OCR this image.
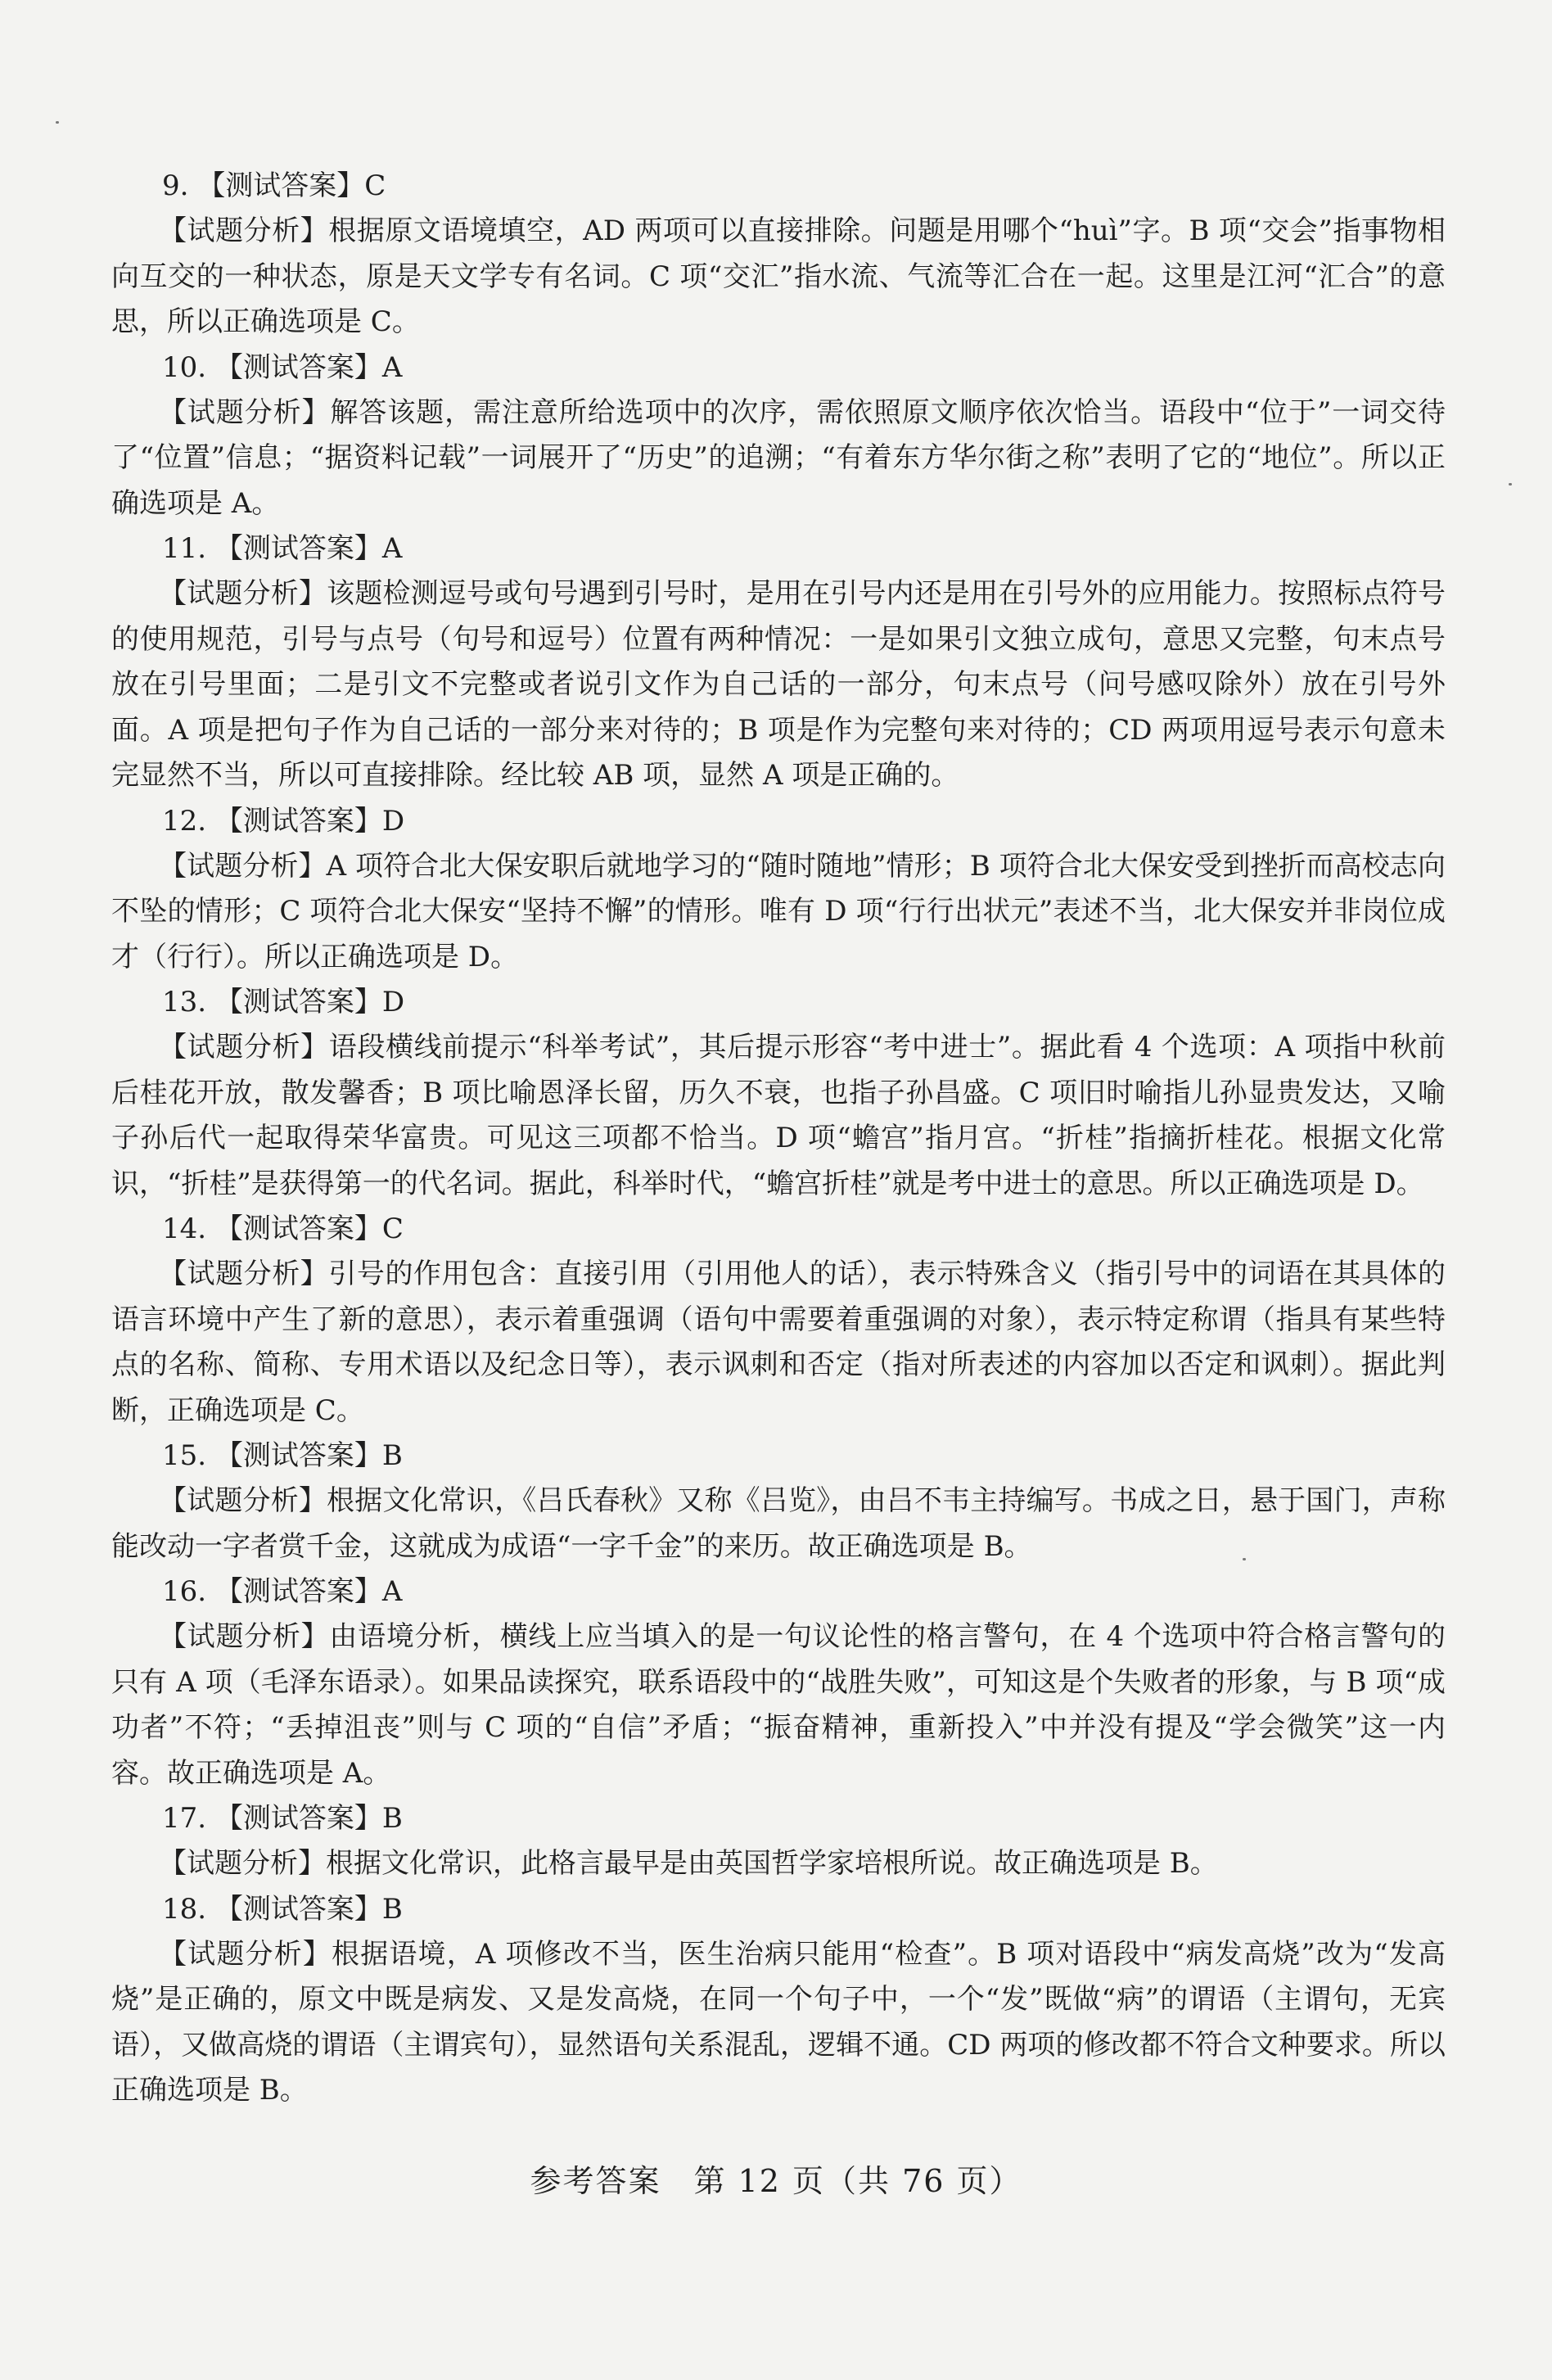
9. 【测试答案】C

【试题分析】根据原文语境填空，AD 两项可以直接排除。问题是用哪个“huì”字。B 项“交会”指事物相向互交的一种状态，原是天文学专有名词。C 项“交汇”指水流、气流等汇合在一起。这里是江河“汇合”的意思，所以正确选项是 C。

10. 【测试答案】A

【试题分析】解答该题，需注意所给选项中的次序，需依照原文顺序依次恰当。语段中“位于”一词交待了“位置”信息；“据资料记载”一词展开了“历史”的追溯；“有着东方华尔街之称”表明了它的“地位”。所以正确选项是 A。

11. 【测试答案】A

【试题分析】该题检测逗号或句号遇到引号时，是用在引号内还是用在引号外的应用能力。按照标点符号的使用规范，引号与点号（句号和逗号）位置有两种情况：一是如果引文独立成句，意思又完整，句末点号放在引号里面；二是引文不完整或者说引文作为自己话的一部分，句末点号（问号感叹除外）放在引号外面。A 项是把句子作为自己话的一部分来对待的；B 项是作为完整句来对待的；CD 两项用逗号表示句意未完显然不当，所以可直接排除。经比较 AB 项，显然 A 项是正确的。

12. 【测试答案】D

【试题分析】A 项符合北大保安职后就地学习的“随时随地”情形；B 项符合北大保安受到挫折而高校志向不坠的情形；C 项符合北大保安“坚持不懈”的情形。唯有 D 项“行行出状元”表述不当，北大保安并非岗位成才（行行）。所以正确选项是 D。

13. 【测试答案】D

【试题分析】语段横线前提示“科举考试”，其后提示形容“考中进士”。据此看 4 个选项：A 项指中秋前后桂花开放，散发馨香；B 项比喻恩泽长留，历久不衰，也指子孙昌盛。C 项旧时喻指儿孙显贵发达，又喻子孙后代一起取得荣华富贵。可见这三项都不恰当。D 项“蟾宫”指月宫。“折桂”指摘折桂花。根据文化常识，“折桂”是获得第一的代名词。据此，科举时代，“蟾宫折桂”就是考中进士的意思。所以正确选项是 D。

14. 【测试答案】C

【试题分析】引号的作用包含：直接引用（引用他人的话），表示特殊含义（指引号中的词语在其具体的语言环境中产生了新的意思），表示着重强调（语句中需要着重强调的对象），表示特定称谓（指具有某些特点的名称、简称、专用术语以及纪念日等），表示讽刺和否定（指对所表述的内容加以否定和讽刺）。据此判断，正确选项是 C。

15. 【测试答案】B

【试题分析】根据文化常识，《吕氏春秋》又称《吕览》，由吕不韦主持编写。书成之日，悬于国门，声称能改动一字者赏千金，这就成为成语“一字千金”的来历。故正确选项是 B。

16. 【测试答案】A

【试题分析】由语境分析，横线上应当填入的是一句议论性的格言警句，在 4 个选项中符合格言警句的只有 A 项（毛泽东语录）。如果品读探究，联系语段中的“战胜失败”，可知这是个失败者的形象，与 B 项“成功者”不符；“丢掉沮丧”则与 C 项的“自信”矛盾；“振奋精神，重新投入”中并没有提及“学会微笑”这一内容。故正确选项是 A。

17. 【测试答案】B

【试题分析】根据文化常识，此格言最早是由英国哲学家培根所说。故正确选项是 B。

18. 【测试答案】B

【试题分析】根据语境，A 项修改不当，医生治病只能用“检查”。B 项对语段中“病发高烧”改为“发高烧”是正确的，原文中既是病发、又是发高烧，在同一个句子中，一个“发”既做“病”的谓语（主谓句，无宾语），又做高烧的谓语（主谓宾句），显然语句关系混乱，逻辑不通。CD 两项的修改都不符合文种要求。所以正确选项是 B。

参考答案　第 12 页（共 76 页）
